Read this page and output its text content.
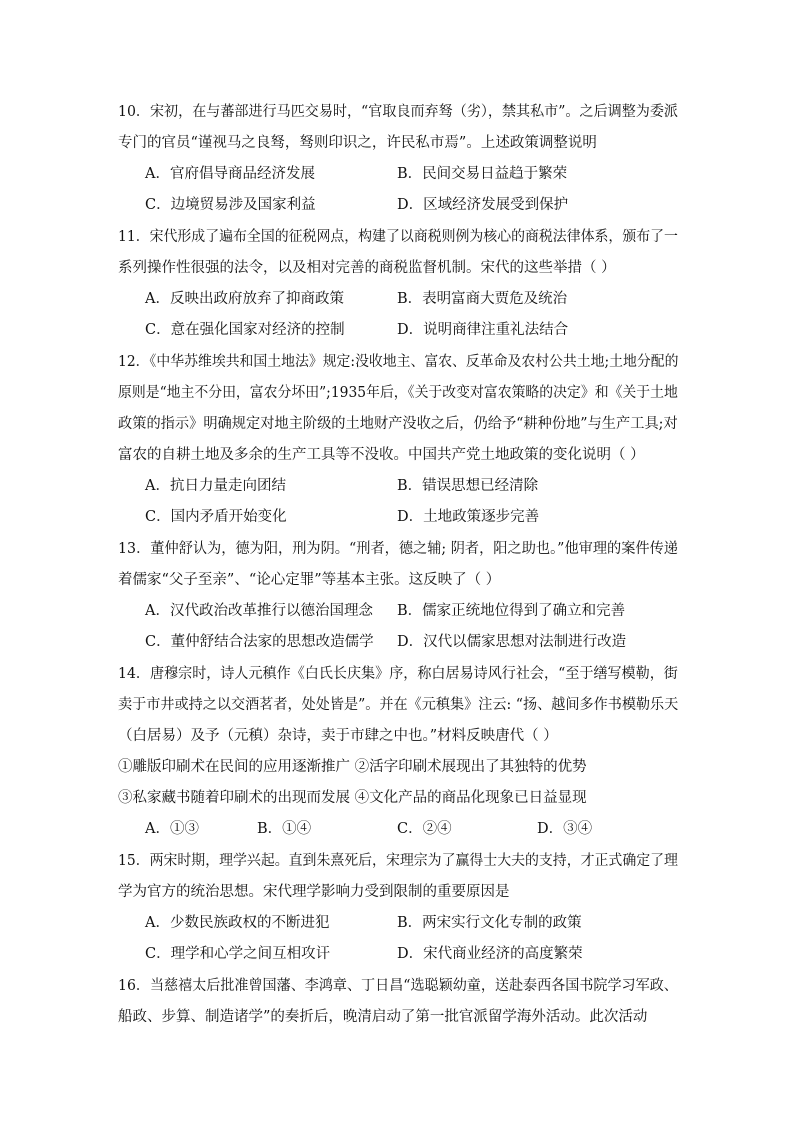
10．宋初，在与蕃部进行马匹交易时，“官取良而弃驽（劣），禁其私市”。之后调整为委派
专门的官员“谨视马之良驽，驽则印识之，许民私市焉”。上述政策调整说明
A．官府倡导商品经济发展	B．民间交易日益趋于繁荣
C．边境贸易涉及国家利益	D．区域经济发展受到保护
11．宋代形成了遍布全国的征税网点，构建了以商税则例为核心的商税法律体系，颁布了一
系列操作性很强的法令，以及相对完善的商税监督机制。宋代的这些举措（ ）
A．反映出政府放弃了抑商政策	B．表明富商大贾危及统治
C．意在强化国家对经济的控制	D．说明商律注重礼法结合
12．《中华苏维埃共和国土地法》规定:没收地主、富农、反革命及农村公共土地;土地分配的
原则是“地主不分田，富农分坏田”;1935年后，《关于改变对富农策略的决定》和《关于土地
政策的指示》明确规定对地主阶级的土地财产没收之后，仍给予“耕种份地”与生产工具;对
富农的自耕土地及多余的生产工具等不没收。中国共产党土地政策的变化说明（ ）
A．抗日力量走向团结	B．错误思想已经清除
C．国内矛盾开始变化	D．土地政策逐步完善
13．董仲舒认为，德为阳，刑为阴。“刑者，德之辅; 阴者，阳之助也。”他审理的案件传递
着儒家“父子至亲”、“论心定罪”等基本主张。这反映了（ ）
A．汉代政治改革推行以德治国理念 B．儒家正统地位得到了确立和完善
C．董仲舒结合法家的思想改造儒学 D．汉代以儒家思想对法制进行改造
14．唐穆宗时，诗人元稹作《白氏长庆集》序，称白居易诗风行社会，“至于缮写模勒，街
卖于市井或持之以交酒茗者，处处皆是”。并在《元稹集》注云: “扬、越间多作书模勒乐天
（白居易）及予（元稹）杂诗，卖于市肆之中也。”材料反映唐代（ ）
①雕版印刷术在民间的应用逐渐推广 ②活字印刷术展现出了其独特的优势
③私家藏书随着印刷术的出现而发展 ④文化产品的商品化现象已日益显现
A．①③	B．①④	C．②④	D．③④
15．两宋时期，理学兴起。直到朱熹死后，宋理宗为了赢得士大夫的支持，才正式确定了理
学为官方的统治思想。宋代理学影响力受到限制的重要原因是
A．少数民族政权的不断进犯	B．两宋实行文化专制的政策
C．理学和心学之间互相攻讦	D．宋代商业经济的高度繁荣
16．当慈禧太后批准曾国藩、李鸿章、丁日昌“选聪颖幼童，送赴泰西各国书院学习军政、
船政、步算、制造诸学”的奏折后，晚清启动了第一批官派留学海外活动。此次活动
